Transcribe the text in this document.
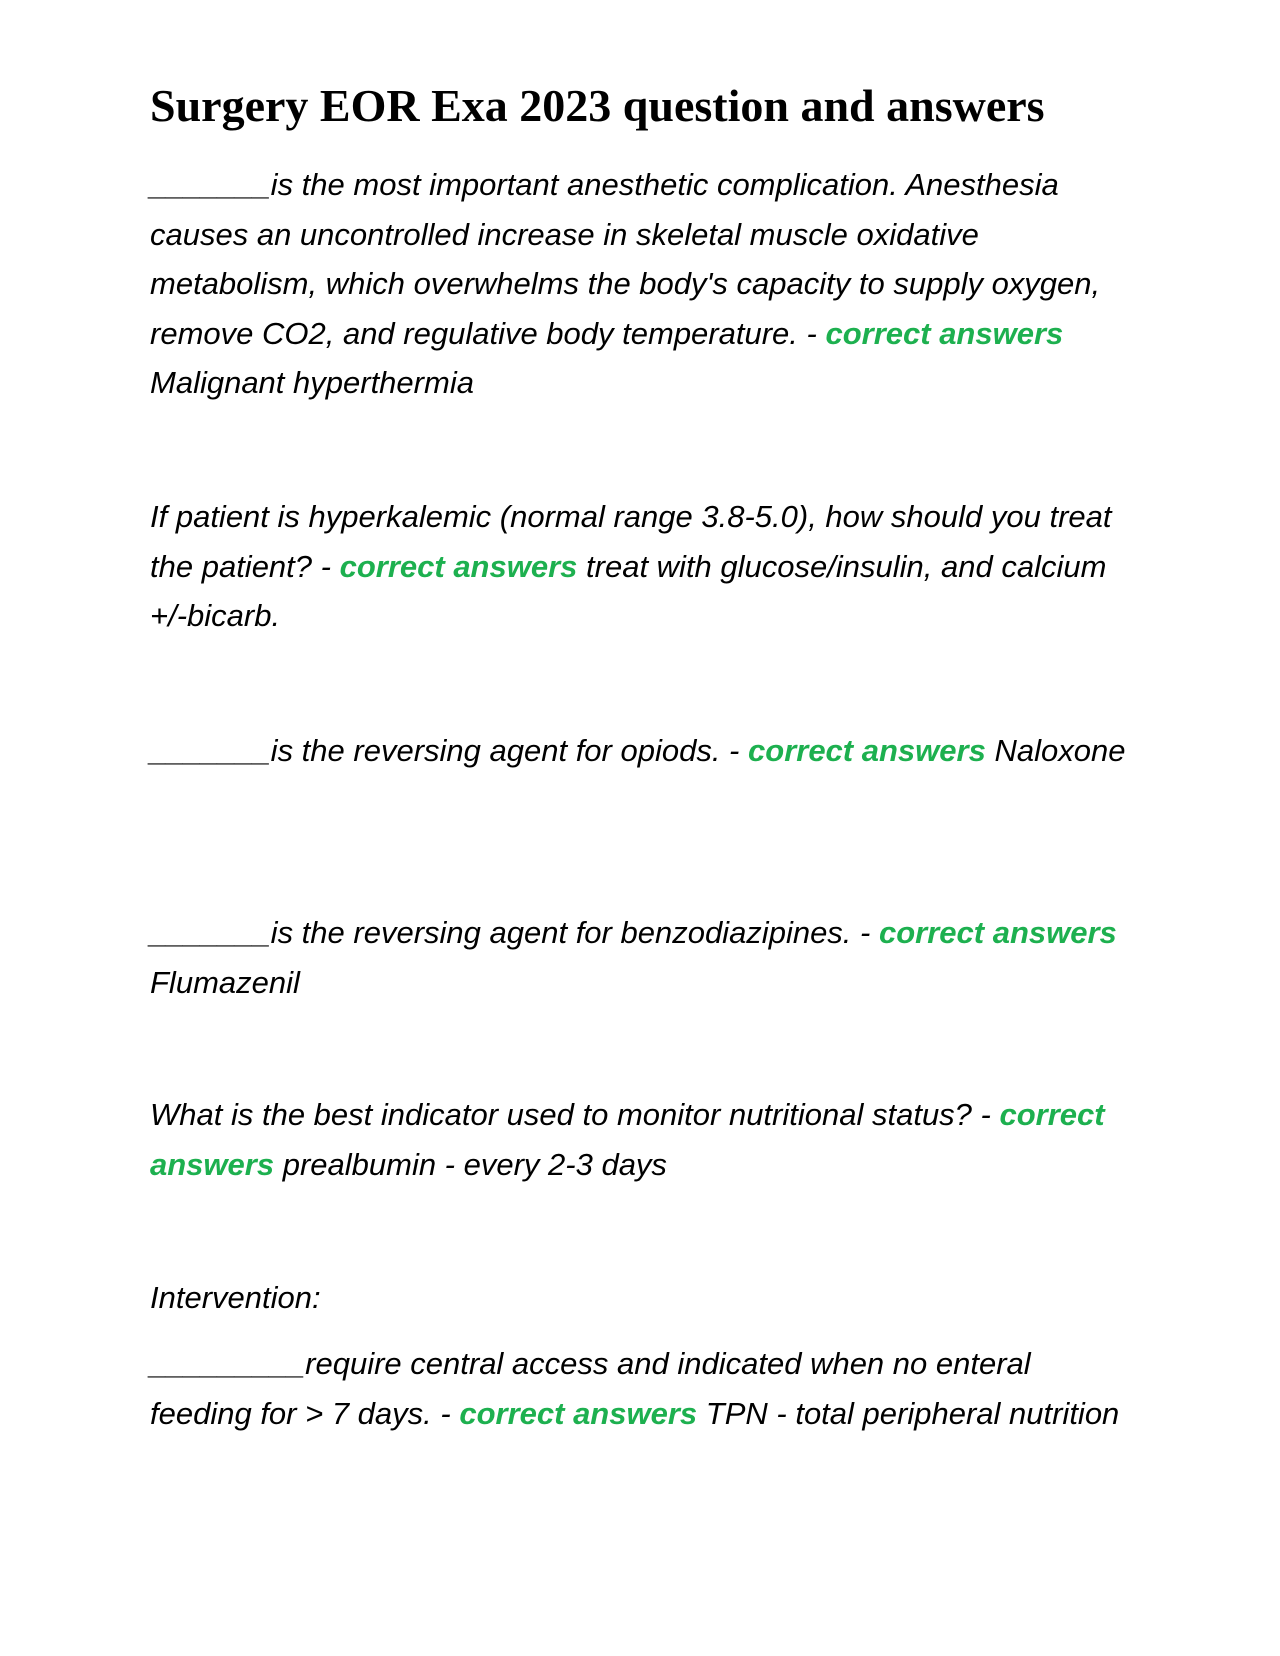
Surgery EOR Exa 2023 question and answers

_______is the most important anesthetic complication. Anesthesia causes an uncontrolled increase in skeletal muscle oxidative metabolism, which overwhelms the body's capacity to supply oxygen, remove CO2, and regulative body temperature. - correct answers Malignant hyperthermia

If patient is hyperkalemic (normal range 3.8-5.0), how should you treat the patient? - correct answers treat with glucose/insulin, and calcium +/-bicarb.

_______is the reversing agent for opiods. - correct answers Naloxone

_______is the reversing agent for benzodiazipines. - correct answers Flumazenil

What is the best indicator used to monitor nutritional status? - correct answers prealbumin - every 2-3 days

Intervention:

_________require central access and indicated when no enteral feeding for > 7 days. - correct answers TPN - total peripheral nutrition
